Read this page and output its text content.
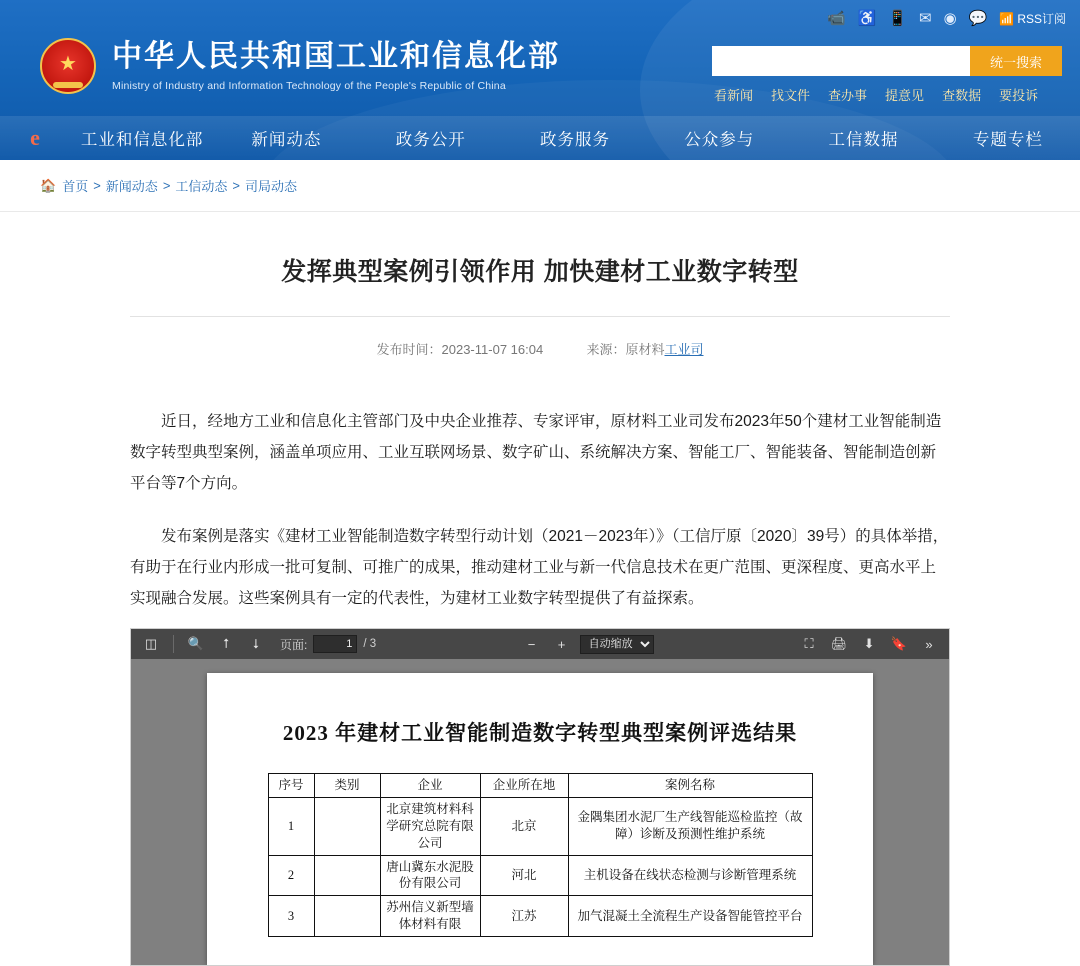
📹 ♿ 📱 ✉ ◉ 💬 📶 RSS订阅
★ 中华人民共和国工业和信息化部
Ministry of Industry and Information Technology of the People's Republic of China
统一搜索
看新闻 找文件 查办事 提意见 查数据 要投诉
e	工业和信息化部	新闻动态	政务公开	政务服务	公众参与	工信数据	专题专栏
🏠 首页 > 新闻动态 > 工信动态 > 司局动态
发挥典型案例引领作用 加快建材工业数字转型
发布时间：2023-11-07 16:04	来源：原材料工业司

近日，经地方工业和信息化主管部门及中央企业推荐、专家评审，原材料工业司发布2023年50个建材工业智能制造数字转型典型案例，涵盖单项应用、工业互联网场景、数字矿山、系统解决方案、智能工厂、智能装备、智能制造创新平台等7个方向。

发布案例是落实《建材工业智能制造数字转型行动计划（2021－2023年）》（工信厅原〔2020〕39号）的具体举措，有助于在行业内形成一批可复制、可推广的成果，推动建材工业与新一代信息技术在更广范围、更深程度、更高水平上实现融合发展。这些案例具有一定的代表性，为建材工业数字转型提供了有益探索。

◫	🔍	⭡	⭣	页面:
1	/ 3	−	+
自动缩放	⛶	🖨	⬇	🔖	»
2023 年建材工业智能制造数字转型典型案例评选结果
序号	类别	企业	企业所在地	案例名称
1		北京建筑材料科学研究总院有限公司	北京	金隅集团水泥厂生产线智能巡检监控（故障）诊断及预测性维护系统
2		唐山冀东水泥股份有限公司	河北	主机设备在线状态检测与诊断管理系统
3		苏州信义新型墙体材料有限	江苏	加气混凝土全流程生产设备智能管控平台
